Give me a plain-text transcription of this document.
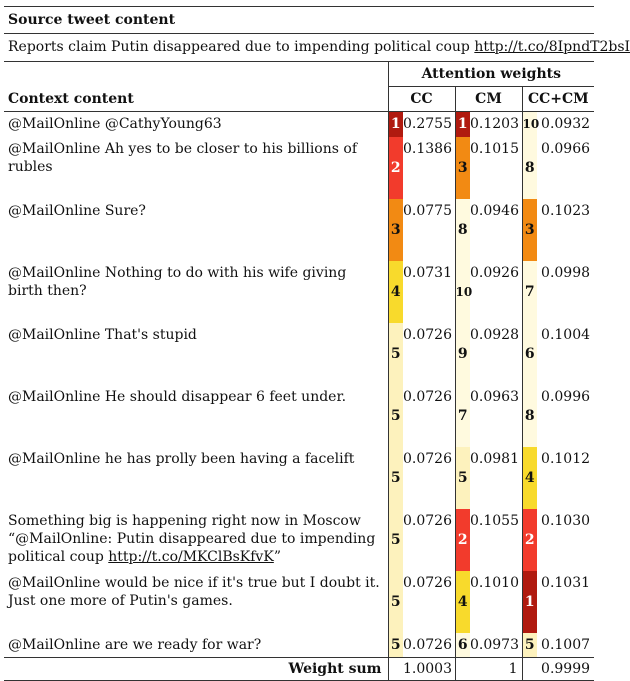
Source tweet content
Reports claim Putin disappeared due to impending political coup http://t.co/8IpndT2bsI
	Attention weights					
Context content	CC		CM		CC+CM	
@MailOnline @CathyYoung63	1	0.2755	1	0.1203	10	0.0932
@MailOnline Ah yes to be closer to his billions of rubles	2	0.1386	3	0.1015	8	0.0966
@MailOnline Sure?	3	0.0775	8	0.0946	3	0.1023
@MailOnline Nothing to do with his wife giving birth then?	4	0.0731	10	0.0926	7	0.0998
@MailOnline That's stupid	5	0.0726	9	0.0928	6	0.1004
@MailOnline He should disappear 6 feet under.	5	0.0726	7	0.0963	8	0.0996
@MailOnline he has prolly been having a facelift	5	0.0726	5	0.0981	4	0.1012
Something big is happening right now in Moscow “@MailOnline: Putin disappeared due to impending political coup http://t.co/MKClBsKfvK”	5	0.0726	2	0.1055	2	0.1030
@MailOnline would be nice if it's true but I doubt it. Just one more of Putin's games.	5	0.0726	4	0.1010	1	0.1031
@MailOnline are we ready for war?	5	0.0726	6	0.0973	5	0.1007
Weight sum		1.0003		1		0.9999
